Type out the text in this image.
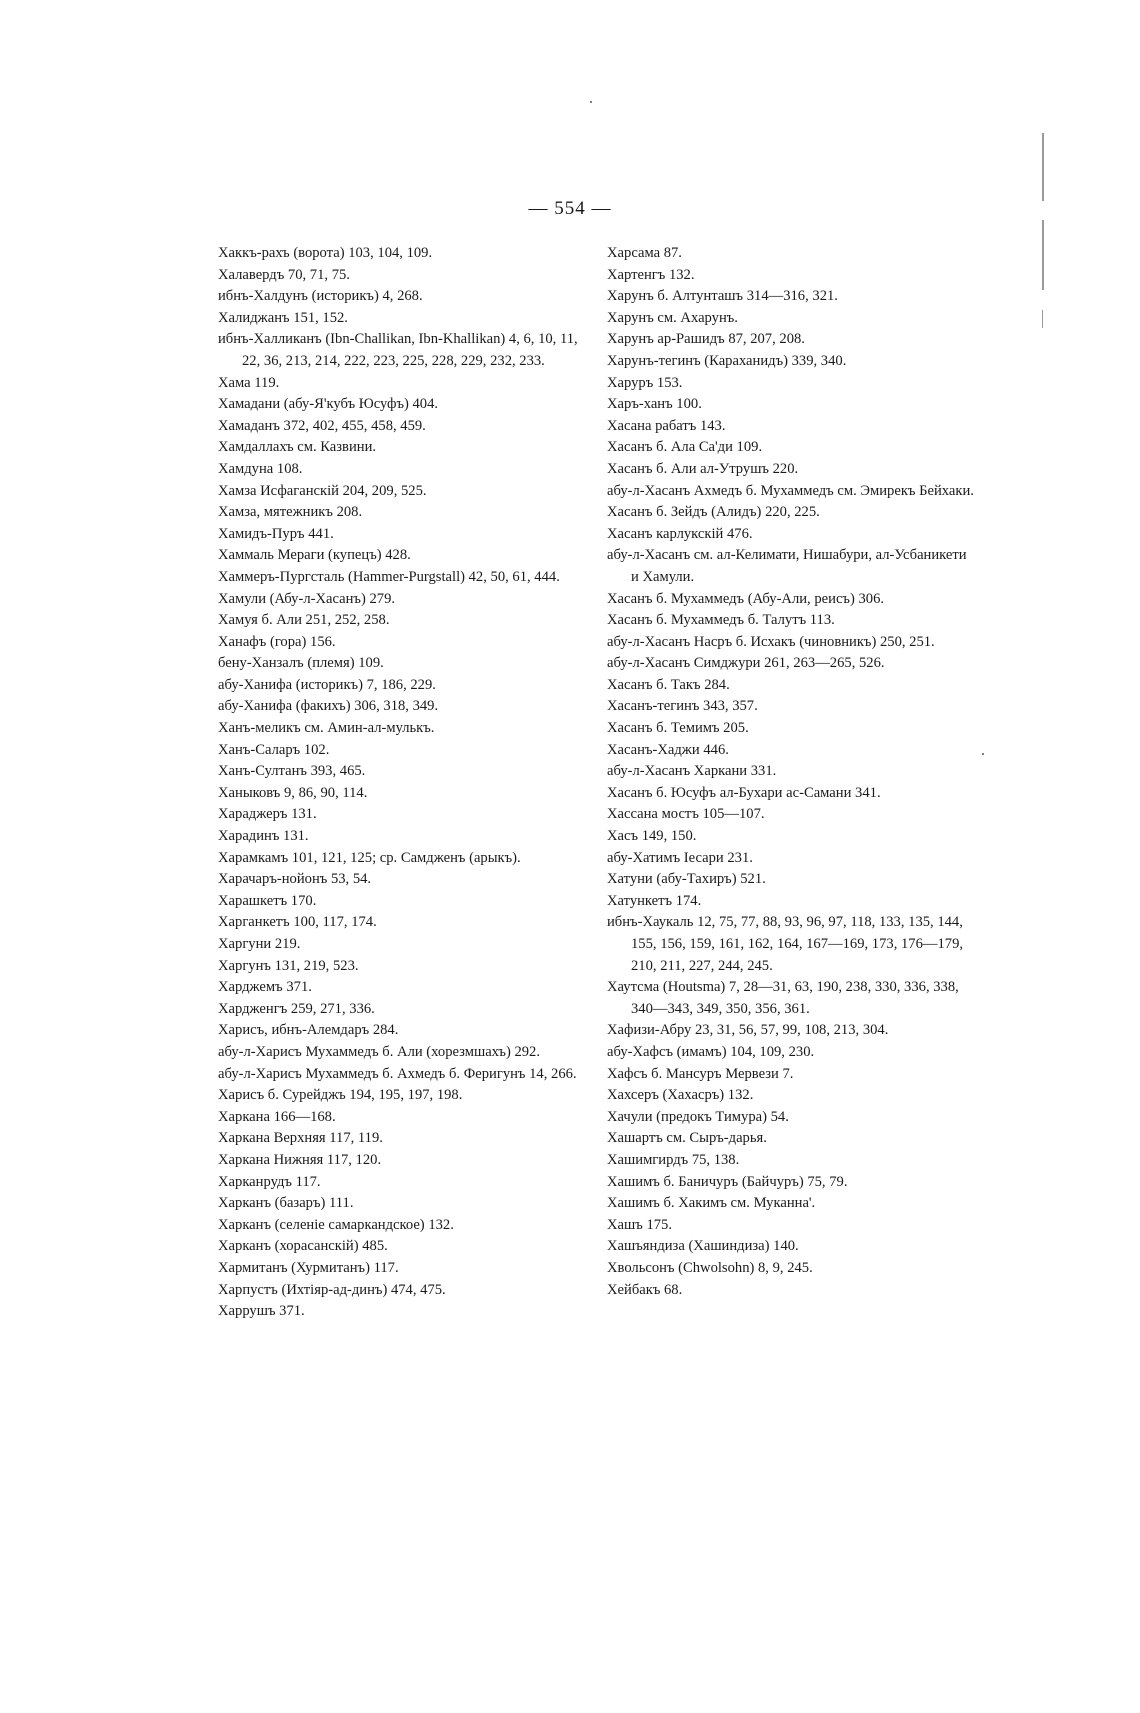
— 554 —
Хаккъ-рахъ (ворота) 103, 104, 109.
Халавердъ 70, 71, 75.
ибнъ-Халдунъ (историкъ) 4, 268.
Халиджанъ 151, 152.
ибнъ-Халликанъ (Ibn-Challikan, Ibn-Khallikan) 4, 6, 10, 11, 22, 36, 213, 214, 222, 223, 225, 228, 229, 232, 233.
Хама 119.
Хамадани (абу-Я'кубъ Юсуфъ) 404.
Хамаданъ 372, 402, 455, 458, 459.
Хамдаллахъ см. Казвини.
Хамдуна 108.
Хамза Исфаганскій 204, 209, 525.
Хамза, мятежникъ 208.
Хамидъ-Пуръ 441.
Хаммаль Мераги (купецъ) 428.
Хаммеръ-Пургсталь (Hammer-Purgstall) 42, 50, 61, 444.
Хамули (Абу-л-Хасанъ) 279.
Хамуя б. Али 251, 252, 258.
Ханафъ (гора) 156.
бену-Ханзалъ (племя) 109.
абу-Ханифа (историкъ) 7, 186, 229.
абу-Ханифа (факихъ) 306, 318, 349.
Ханъ-меликъ см. Амин-ал-мулькъ.
Ханъ-Саларъ 102.
Ханъ-Султанъ 393, 465.
Ханыковъ 9, 86, 90, 114.
Хараджеръ 131.
Харадинъ 131.
Харамкамъ 101, 121, 125; ср. Самдженъ (арыкъ).
Харачаръ-нойонъ 53, 54.
Харашкетъ 170.
Харганкетъ 100, 117, 174.
Харгуни 219.
Харгунъ 131, 219, 523.
Харджемъ 371.
Хардженгъ 259, 271, 336.
Харисъ, ибнъ-Алемдаръ 284.
абу-л-Харисъ Мухаммедъ б. Али (хорезмшахъ) 292.
абу-л-Харисъ Мухаммедъ б. Ахмедъ б. Феригунъ 14, 266.
Харисъ б. Сурейджъ 194, 195, 197, 198.
Харкана 166—168.
Харкана Верхняя 117, 119.
Харкана Нижняя 117, 120.
Харканрудъ 117.
Харканъ (базаръ) 111.
Харканъ (селеніе самаркандское) 132.
Харканъ (хорасанскій) 485.
Хармитанъ (Хурмитанъ) 117.
Харпустъ (Ихтіяр-ад-динъ) 474, 475.
Харрушъ 371.
Харсама 87.
Хартенгъ 132.
Харунъ б. Алтунташъ 314—316, 321.
Харунъ см. Ахарунъ.
Харунъ ар-Рашидъ 87, 207, 208.
Харунъ-тегинъ (Караханидъ) 339, 340.
Харуръ 153.
Харъ-ханъ 100.
Хасана рабатъ 143.
Хасанъ б. Ала Са'ди 109.
Хасанъ б. Али ал-Утрушъ 220.
абу-л-Хасанъ Ахмедъ б. Мухаммедъ см. Эмирекъ Бейхаки.
Хасанъ б. Зейдъ (Алидъ) 220, 225.
Хасанъ карлукскій 476.
абу-л-Хасанъ см. ал-Келимати, Нишабури, ал-Усбаникети и Хамули.
Хасанъ б. Мухаммедъ (Абу-Али, реисъ) 306.
Хасанъ б. Мухаммедъ б. Талутъ 113.
абу-л-Хасанъ Насръ б. Исхакъ (чиновникъ) 250, 251.
абу-л-Хасанъ Симджури 261, 263—265, 526.
Хасанъ б. Такъ 284.
Хасанъ-тегинъ 343, 357.
Хасанъ б. Темимъ 205.
Хасанъ-Хаджи 446.
абу-л-Хасанъ Харкани 331.
Хасанъ б. Юсуфъ ал-Бухари ас-Самани 341.
Хассана мостъ 105—107.
Хасъ 149, 150.
абу-Хатимъ Іесари 231.
Хатуни (абу-Тахиръ) 521.
Хатункетъ 174.
ибнъ-Хаукаль 12, 75, 77, 88, 93, 96, 97, 118, 133, 135, 144, 155, 156, 159, 161, 162, 164, 167—169, 173, 176—179, 210, 211, 227, 244, 245.
Хаутсма (Houtsma) 7, 28—31, 63, 190, 238, 330, 336, 338, 340—343, 349, 350, 356, 361.
Хафизи-Абру 23, 31, 56, 57, 99, 108, 213, 304.
абу-Хафсъ (имамъ) 104, 109, 230.
Хафсъ б. Мансуръ Мервези 7.
Хахсеръ (Хахасръ) 132.
Хачули (предокъ Тимура) 54.
Хашартъ см. Сыръ-дарья.
Хашимгирдъ 75, 138.
Хашимъ б. Баничуръ (Байчуръ) 75, 79.
Хашимъ б. Хакимъ см. Муканна'.
Хашъ 175.
Хашъяндиза (Хашиндиза) 140.
Хвольсонъ (Chwolsohn) 8, 9, 245.
Хейбакъ 68.
